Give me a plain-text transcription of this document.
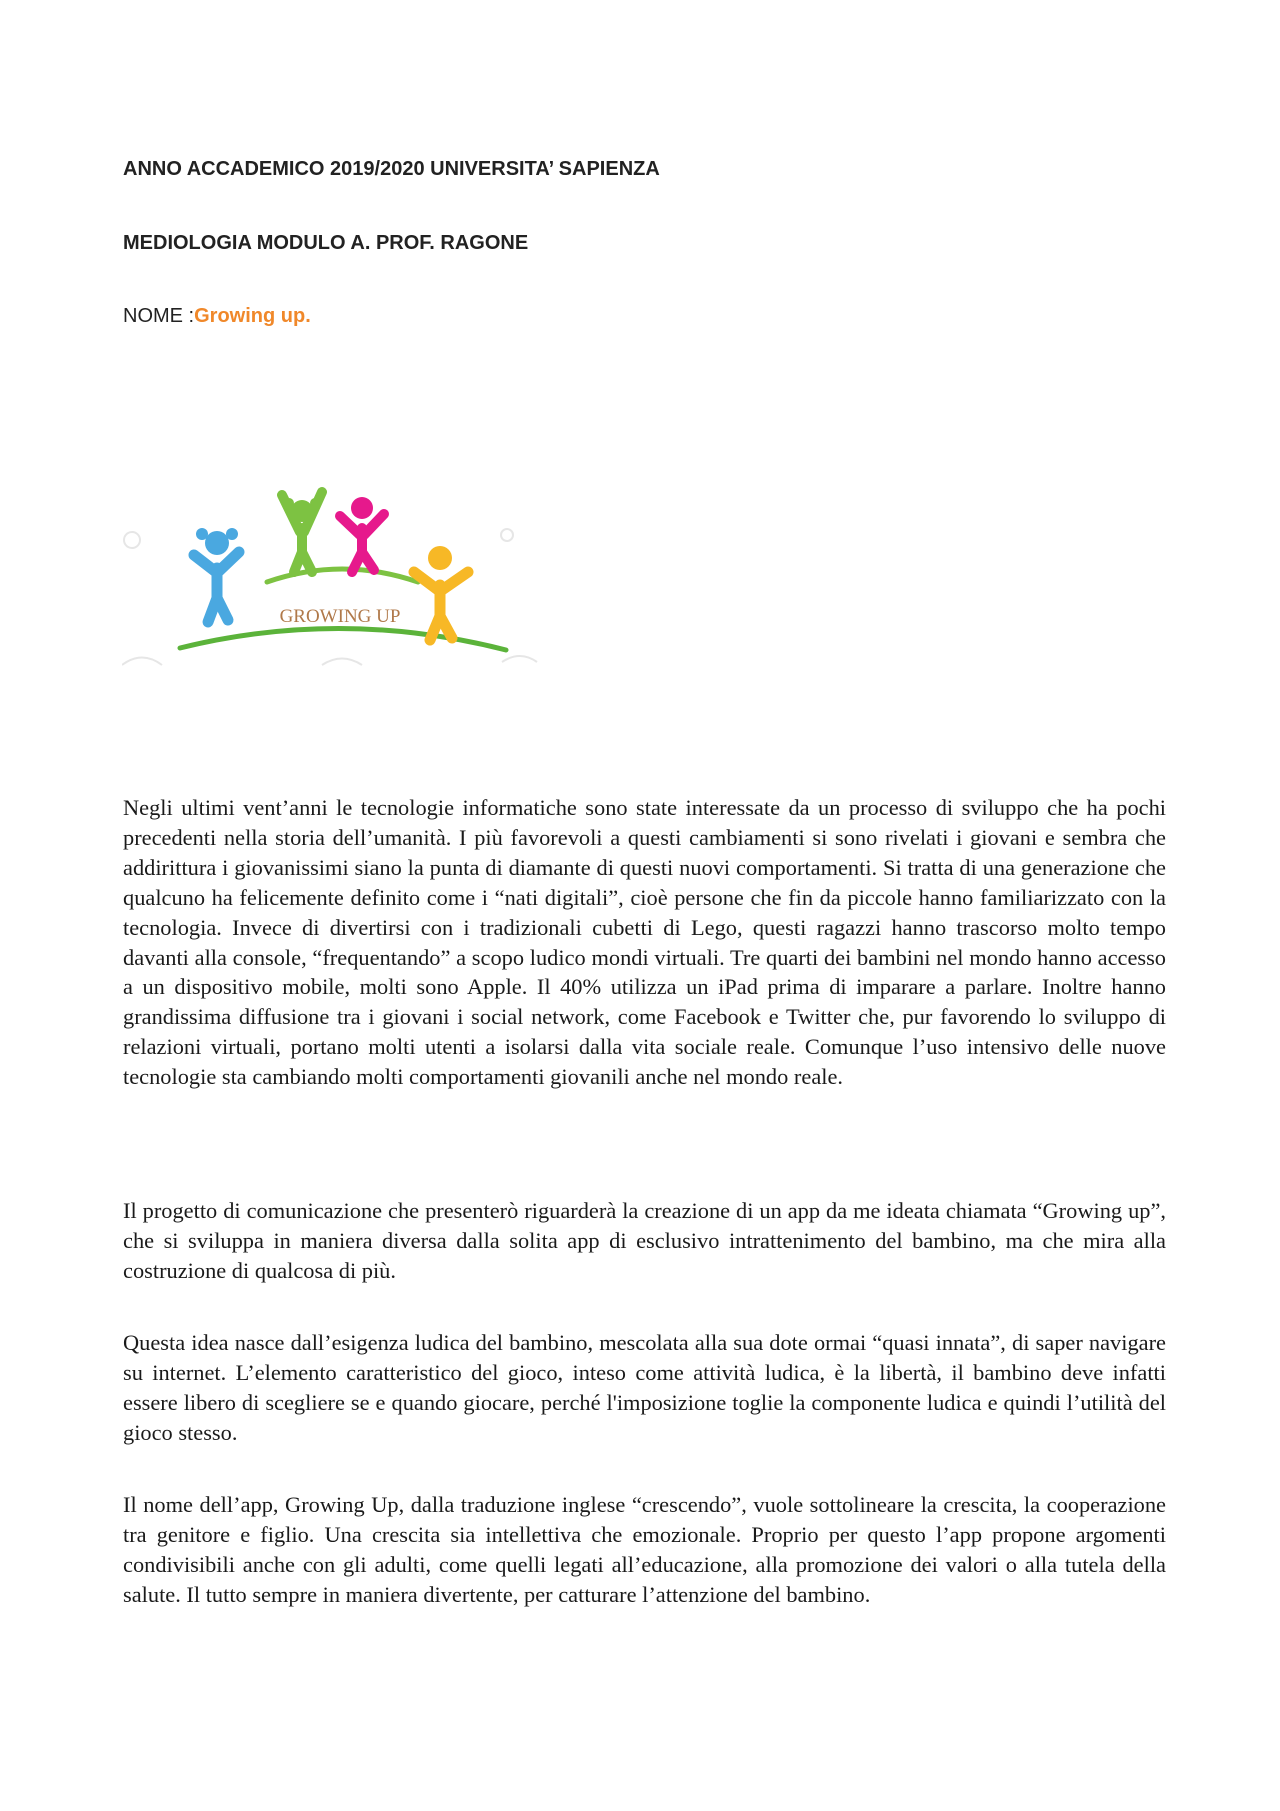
ANNO ACCADEMICO 2019/2020 UNIVERSITA’ SAPIENZA
MEDIOLOGIA MODULO A. PROF. RAGONE
NOME :Growing up.
GROWING UP

Negli ultimi vent’anni le tecnologie informatiche sono state interessate da un processo di sviluppo che ha pochi precedenti nella storia dell’umanità. I più favorevoli a questi cambiamenti si sono rivelati i giovani e sembra che addirittura i giovanissimi siano la punta di diamante di questi nuovi comportamenti. Si tratta di una generazione che qualcuno ha felicemente definito come i “nati digitali”, cioè persone che fin da piccole hanno familiarizzato con la tecnologia. Invece di divertirsi con i tradizionali cubetti di Lego, questi ragazzi hanno trascorso molto tempo davanti alla console, “frequentando” a scopo ludico mondi virtuali. Tre quarti dei bambini nel mondo hanno accesso a un dispositivo mobile, molti sono Apple. Il 40% utilizza un iPad prima di imparare a parlare. Inoltre hanno grandissima diffusione tra i giovani i social network, come Facebook e Twitter che, pur favorendo lo sviluppo di relazioni virtuali, portano molti utenti a isolarsi dalla vita sociale reale. Comunque l’uso intensivo delle nuove tecnologie sta cambiando molti comportamenti giovanili anche nel mondo reale.

Il progetto di comunicazione che presenterò riguarderà la creazione di un app da me ideata chiamata “Growing up”, che si sviluppa in maniera diversa dalla solita app di esclusivo intrattenimento del bambino, ma che mira alla costruzione di qualcosa di più.

Questa idea nasce dall’esigenza ludica del bambino, mescolata alla sua dote ormai “quasi innata”, di saper navigare su internet. L’elemento caratteristico del gioco, inteso come attività ludica, è la libertà, il bambino deve infatti essere libero di scegliere se e quando giocare, perché l'imposizione toglie la componente ludica e quindi l’utilità del gioco stesso.

Il nome dell’app, Growing Up, dalla traduzione inglese “crescendo”, vuole sottolineare la crescita, la cooperazione tra genitore e figlio. Una crescita sia intellettiva che emozionale. Proprio per questo l’app propone argomenti condivisibili anche con gli adulti, come quelli legati all’educazione, alla promozione dei valori o alla tutela della salute. Il tutto sempre in maniera divertente, per catturare l’attenzione del bambino.
